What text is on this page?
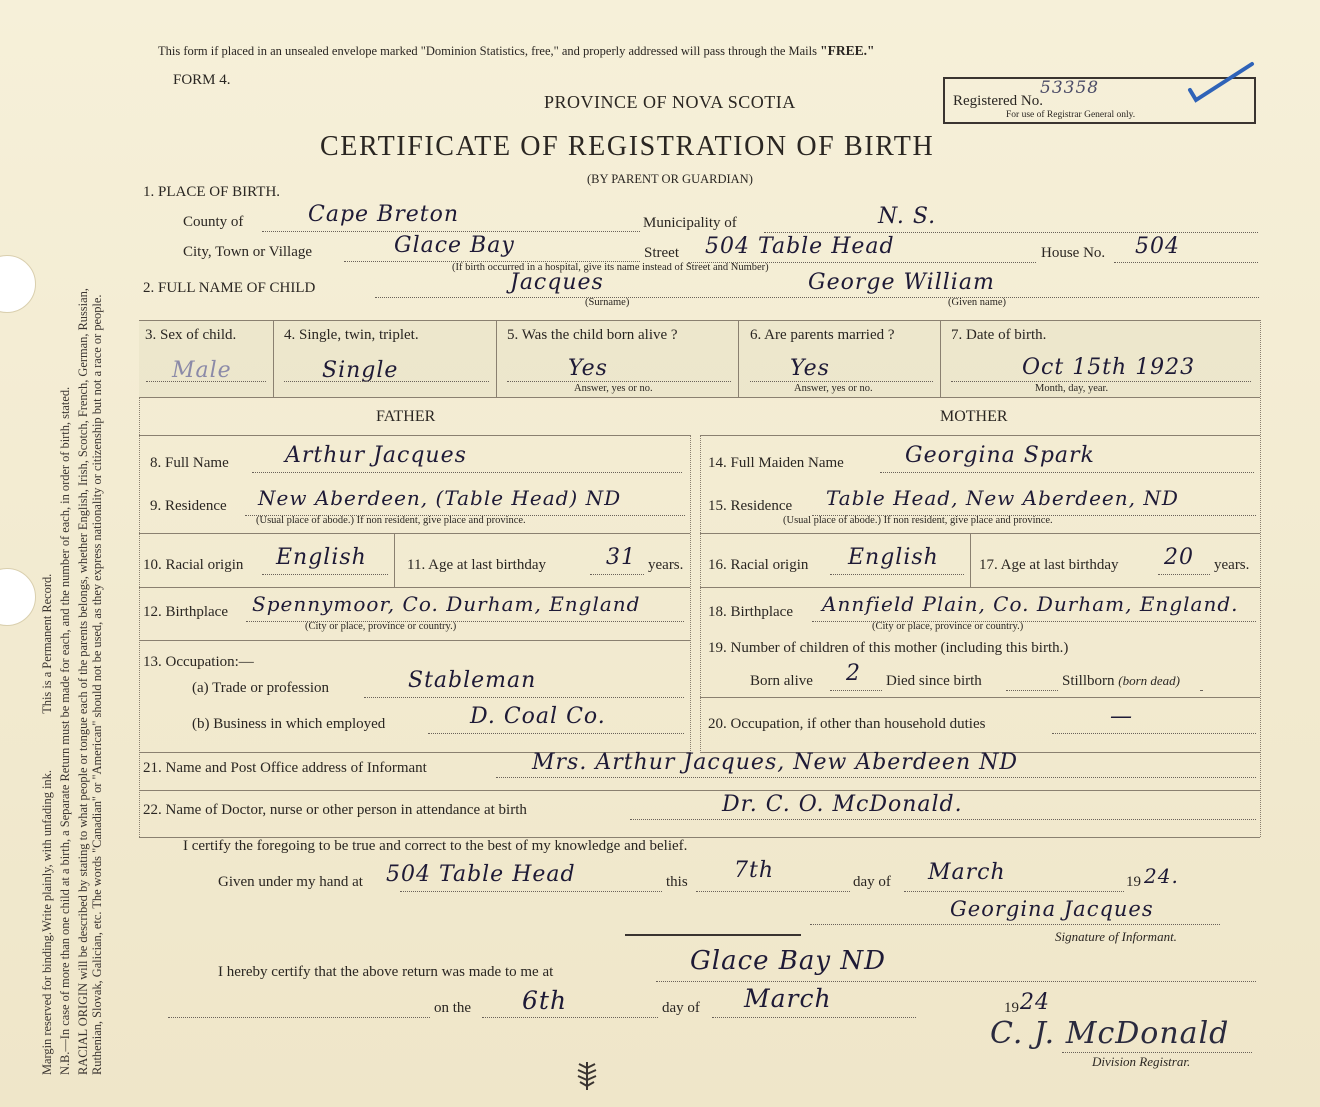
Margin reserved for binding. Write plainly, with unfading ink. This is a Permanent Record. N.B.—In case of more than one child at a birth, a Separate Return must be made for each, and the number of each, in order of birth, stated. RACIAL ORIGIN will be described by stating to what people or tongue each of the parents belongs, whether English, Irish, Scotch, French, German, Russian, Ruthenian, Slovak, Galician, etc. The words "Canadian" or "American" should not be used, as they express nationality or citizenship but not a race or people.
This form if placed in an unsealed envelope marked "Dominion Statistics, free," and properly addressed will pass through the Mails "FREE."
FORM 4.
PROVINCE OF NOVA SCOTIA	Registered No.
53358
For use of Registrar General only.
CERTIFICATE OF REGISTRATION OF BIRTH
(BY PARENT OR GUARDIAN)
1. PLACE OF BIRTH.
County of	Cape Breton	Municipality of	N. S.
City, Town or Village	Glace Bay	Street 504 Table Head	House No. 504
(If birth occurred in a hospital, give its name instead of Street and Number)
2. FULL NAME OF CHILD	Jacques
(Surname)
George William
(Given name)
3. Sex of child.
Male
4. Single, twin, triplet.
Single
5. Was the child born alive ?
Yes
Answer, yes or no.
6. Are parents married ?
Yes
Answer, yes or no.
7. Date of birth.
Oct 15th 1923
Month, day, year.
FATHER	MOTHER
8. Full Name	Arthur Jacques
9. Residence New Aberdeen, (Table Head) ND
(Usual place of abode.) If non resident, give place and province.
10. Racial origin English	11. Age at last birthday	31 years.
12. Birthplace Spennymoor, Co. Durham, England
(City or place, province or country.)
13. Occupation:—
(a) Trade or profession	Stableman
(b) Business in which employed	D. Coal Co.
14. Full Maiden Name	Georgina Spark
15. Residence Table Head, New Aberdeen, ND
(Usual place of abode.) If non resident, give place and province.
16. Racial origin English	17. Age at last birthday 20 years.
18. Birthplace Annfield Plain, Co. Durham, England.
(City or place, province or country.)
19. Number of children of this mother (including this birth.)
Born alive 2 Died since birth	Stillborn (born dead)
20. Occupation, if other than household duties	—
21. Name and Post Office address of Informant	Mrs. Arthur Jacques, New Aberdeen ND
22. Name of Doctor, nurse or other person in attendance at birth	Dr. C. O. McDonald.
I certify the foregoing to be true and correct to the best of my knowledge and belief.
Given under my hand at 504 Table Head	this 7th	day of March	19 24.
Georgina Jacques
Signature of Informant.
I hereby certify that the above return was made to me at	Glace Bay ND
on the 6th	day of March	19 24
C. J. McDonald
Division Registrar.
